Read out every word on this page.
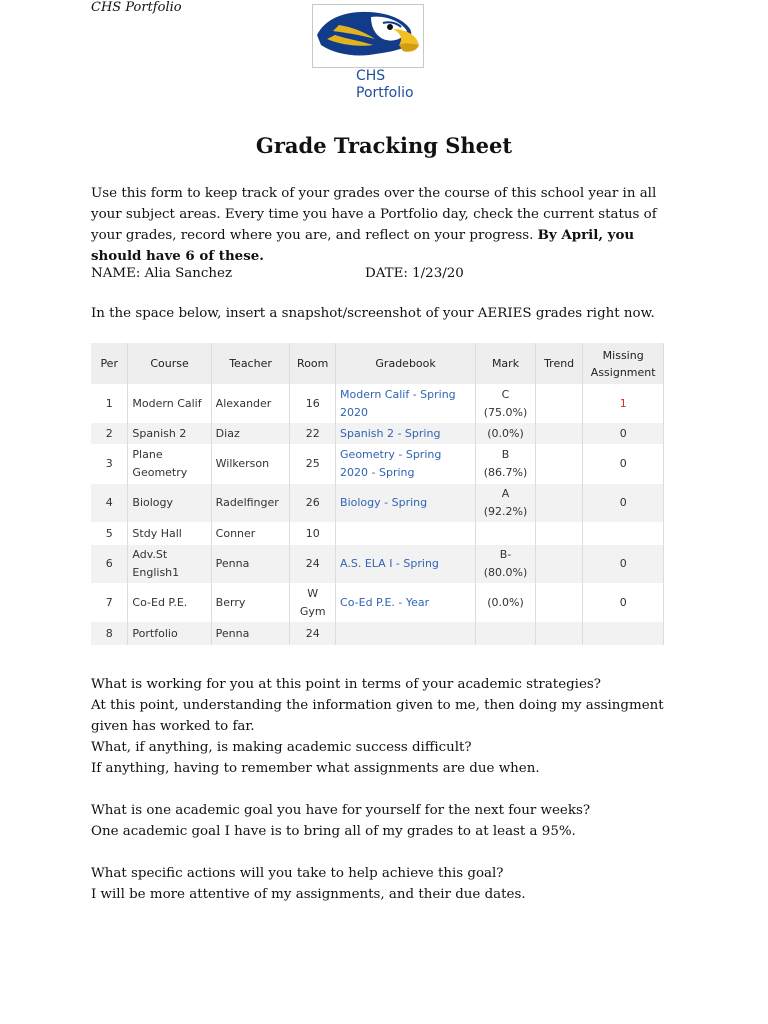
CHS Portfolio
CHS
Portfolio
Grade Tracking Sheet
Use this form to keep track of your grades over the course of this school year in all your subject areas. Every time you have a Portfolio day, check the current status of your grades, record where you are, and reflect on your progress. By April, you should have 6 of these.
NAME: Alia Sanchez	DATE: 1/23/20
In the space below, insert a snapshot/screenshot of your AERIES grades right now.
Per	Course	Teacher	Room	Gradebook	Mark	Trend	Missing Assignment
1	Modern Calif	Alexander	16	Modern Calif - Spring 2020	C (75.0%)		1
2	Spanish 2	Diaz	22	Spanish 2 - Spring	(0.0%)		0
3	Plane Geometry	Wilkerson	25	Geometry - Spring 2020 - Spring	B (86.7%)		0
4	Biology	Radelfinger	26	Biology - Spring	A (92.2%)		0
5	Stdy Hall	Conner	10				
6	Adv.St English1	Penna	24	A.S. ELA I - Spring	B- (80.0%)		0
7	Co-Ed P.E.	Berry	W Gym	Co-Ed P.E. - Year	(0.0%)		0
8	Portfolio	Penna	24				

What is working for you at this point in terms of your academic strategies?

At this point, understanding the information given to me, then doing my assingment given has worked to far.

What, if anything, is making academic success difficult?

If anything, having to remember what assignments are due when.

What is one academic goal you have for yourself for the next four weeks?

One academic goal I have is to bring all of my grades to at least a 95%.

What specific actions will you take to help achieve this goal?

I will be more attentive of my assignments, and their due dates.
